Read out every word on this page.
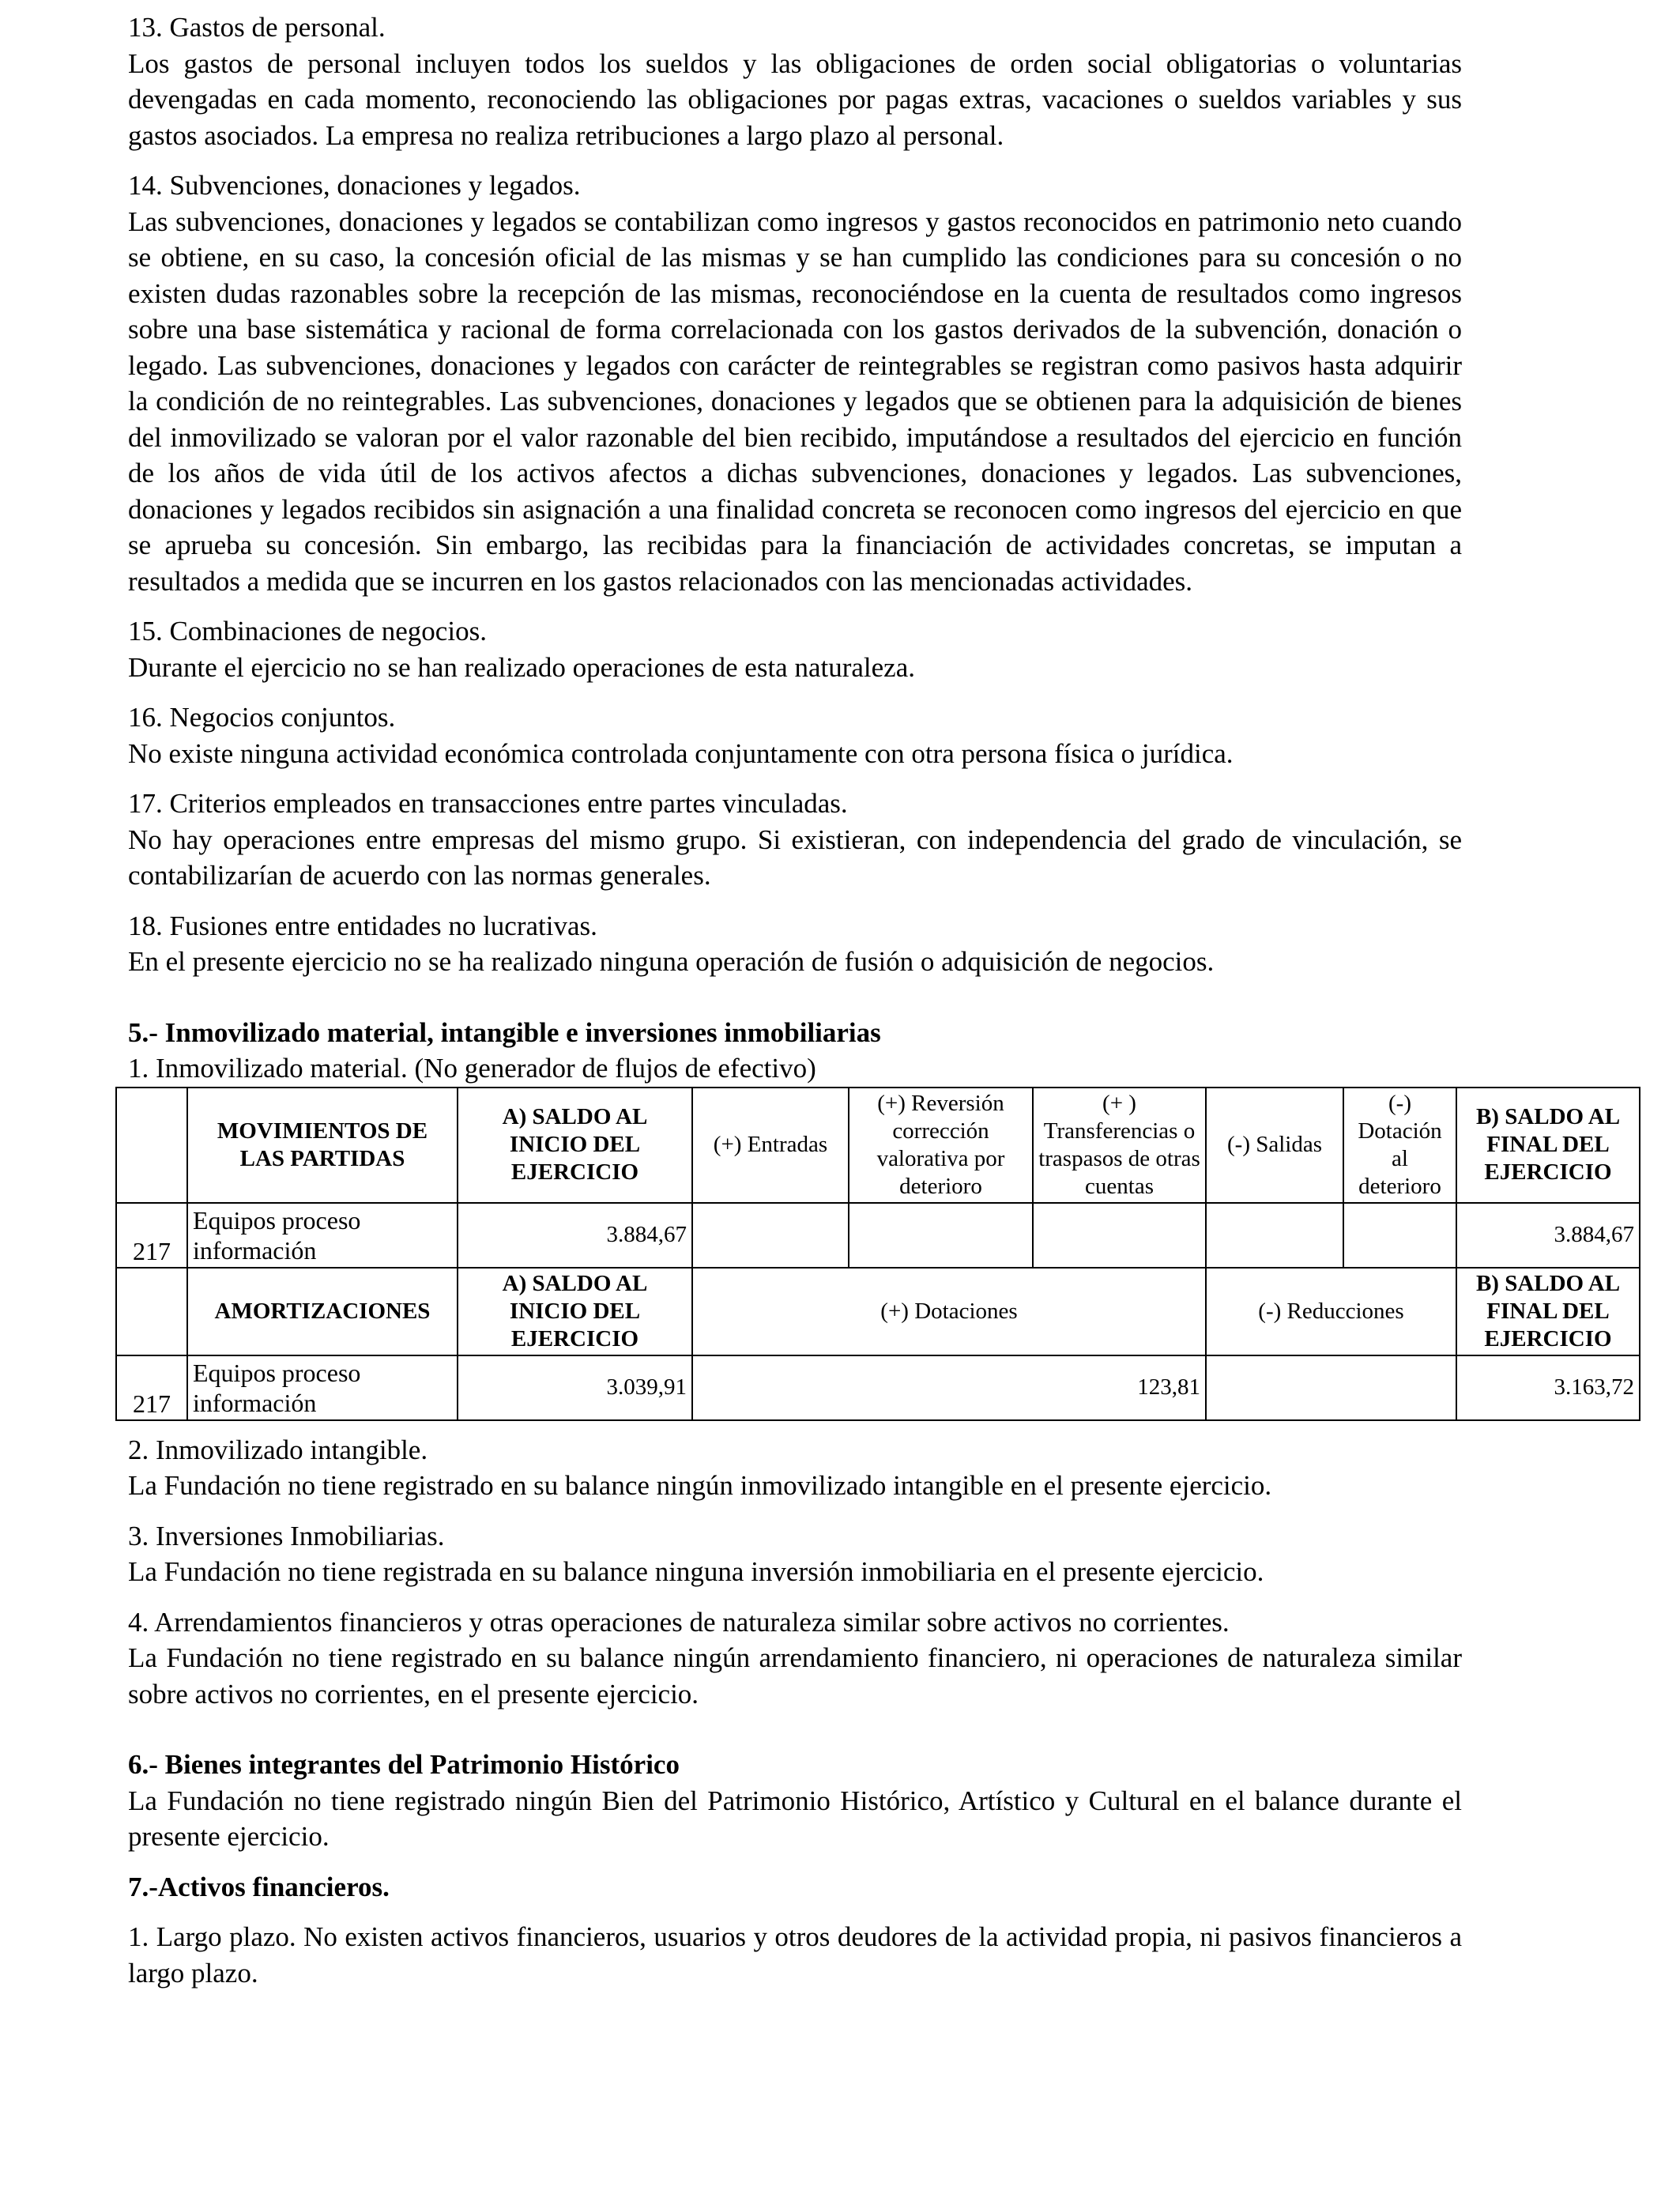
13. Gastos de personal.

Los gastos de personal incluyen todos los sueldos y las obligaciones de orden social obligatorias o voluntarias devengadas en cada momento, reconociendo las obligaciones por pagas extras, vacaciones o sueldos variables y sus gastos asociados. La empresa no realiza retribuciones a largo plazo al personal.

14. Subvenciones, donaciones y legados.

Las subvenciones, donaciones y legados se contabilizan como ingresos y gastos reconocidos en patrimonio neto cuando se obtiene, en su caso, la concesión oficial de las mismas y se han cumplido las condiciones para su concesión o no existen dudas razonables sobre la recepción de las mismas, reconociéndose en la cuenta de resultados como ingresos sobre una base sistemática y racional de forma correlacionada con los gastos derivados de la subvención, donación o legado. Las subvenciones, donaciones y legados con carácter de reintegrables se registran como pasivos hasta adquirir la condición de no reintegrables. Las subvenciones, donaciones y legados que se obtienen para la adquisición de bienes del inmovilizado se valoran por el valor razonable del bien recibido, imputándose a resultados del ejercicio en función de los años de vida útil de los activos afectos a dichas subvenciones, donaciones y legados. Las subvenciones, donaciones y legados recibidos sin asignación a una finalidad concreta se reconocen como ingresos del ejercicio en que se aprueba su concesión. Sin embargo, las recibidas para la financiación de actividades concretas, se imputan a resultados a medida que se incurren en los gastos relacionados con las mencionadas actividades.

15. Combinaciones de negocios.

Durante el ejercicio no se han realizado operaciones de esta naturaleza.

16. Negocios conjuntos.

No existe ninguna actividad económica controlada conjuntamente con otra persona física o jurídica.

17. Criterios empleados en transacciones entre partes vinculadas.

No hay operaciones entre empresas del mismo grupo. Si existieran, con independencia del grado de vinculación, se contabilizarían de acuerdo con las normas generales.

18. Fusiones entre entidades no lucrativas.

En el presente ejercicio no se ha realizado ninguna operación de fusión o adquisición de negocios.

5.- Inmovilizado material, intangible e inversiones inmobiliarias

1. Inmovilizado material. (No generador de flujos de efectivo)

	MOVIMIENTOS DE LAS PARTIDAS	A) SALDO AL INICIO DEL EJERCICIO	(+) Entradas	(+) Reversión corrección valorativa por deterioro	(+ ) Transferencias o traspasos de otras cuentas	(-) Salidas	(-) Dotación al deterioro	B) SALDO AL FINAL DEL EJERCICIO
217	Equipos proceso información	3.884,67						3.884,67
	AMORTIZACIONES	A) SALDO AL INICIO DEL EJERCICIO	(+) Dotaciones			(-) Reducciones		B) SALDO AL FINAL DEL EJERCICIO
217	Equipos proceso información	3.039,91	123,81					3.163,72

2. Inmovilizado intangible.

La Fundación no tiene registrado en su balance ningún inmovilizado intangible en el presente ejercicio.

3. Inversiones Inmobiliarias.

La Fundación no tiene registrada en su balance ninguna inversión inmobiliaria en el presente ejercicio.

4. Arrendamientos financieros y otras operaciones de naturaleza similar sobre activos no corrientes.

La Fundación no tiene registrado en su balance ningún arrendamiento financiero, ni operaciones de naturaleza similar sobre activos no corrientes, en el presente ejercicio.

6.- Bienes integrantes del Patrimonio Histórico

La Fundación no tiene registrado ningún Bien del Patrimonio Histórico, Artístico y Cultural en el balance durante el presente ejercicio.

7.-Activos financieros.

1. Largo plazo. No existen activos financieros, usuarios y otros deudores de la actividad propia, ni pasivos financieros a largo plazo.
